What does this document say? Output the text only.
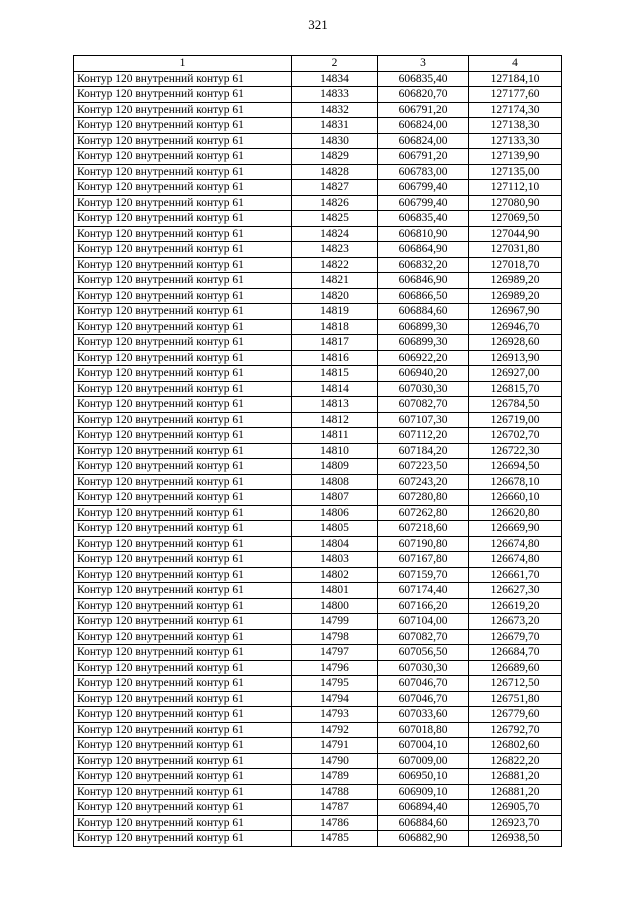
321
1	2	3	4
Контур 120 внутренний контур 61	14834	606835,40	127184,10
Контур 120 внутренний контур 61	14833	606820,70	127177,60
Контур 120 внутренний контур 61	14832	606791,20	127174,30
Контур 120 внутренний контур 61	14831	606824,00	127138,30
Контур 120 внутренний контур 61	14830	606824,00	127133,30
Контур 120 внутренний контур 61	14829	606791,20	127139,90
Контур 120 внутренний контур 61	14828	606783,00	127135,00
Контур 120 внутренний контур 61	14827	606799,40	127112,10
Контур 120 внутренний контур 61	14826	606799,40	127080,90
Контур 120 внутренний контур 61	14825	606835,40	127069,50
Контур 120 внутренний контур 61	14824	606810,90	127044,90
Контур 120 внутренний контур 61	14823	606864,90	127031,80
Контур 120 внутренний контур 61	14822	606832,20	127018,70
Контур 120 внутренний контур 61	14821	606846,90	126989,20
Контур 120 внутренний контур 61	14820	606866,50	126989,20
Контур 120 внутренний контур 61	14819	606884,60	126967,90
Контур 120 внутренний контур 61	14818	606899,30	126946,70
Контур 120 внутренний контур 61	14817	606899,30	126928,60
Контур 120 внутренний контур 61	14816	606922,20	126913,90
Контур 120 внутренний контур 61	14815	606940,20	126927,00
Контур 120 внутренний контур 61	14814	607030,30	126815,70
Контур 120 внутренний контур 61	14813	607082,70	126784,50
Контур 120 внутренний контур 61	14812	607107,30	126719,00
Контур 120 внутренний контур 61	14811	607112,20	126702,70
Контур 120 внутренний контур 61	14810	607184,20	126722,30
Контур 120 внутренний контур 61	14809	607223,50	126694,50
Контур 120 внутренний контур 61	14808	607243,20	126678,10
Контур 120 внутренний контур 61	14807	607280,80	126660,10
Контур 120 внутренний контур 61	14806	607262,80	126620,80
Контур 120 внутренний контур 61	14805	607218,60	126669,90
Контур 120 внутренний контур 61	14804	607190,80	126674,80
Контур 120 внутренний контур 61	14803	607167,80	126674,80
Контур 120 внутренний контур 61	14802	607159,70	126661,70
Контур 120 внутренний контур 61	14801	607174,40	126627,30
Контур 120 внутренний контур 61	14800	607166,20	126619,20
Контур 120 внутренний контур 61	14799	607104,00	126673,20
Контур 120 внутренний контур 61	14798	607082,70	126679,70
Контур 120 внутренний контур 61	14797	607056,50	126684,70
Контур 120 внутренний контур 61	14796	607030,30	126689,60
Контур 120 внутренний контур 61	14795	607046,70	126712,50
Контур 120 внутренний контур 61	14794	607046,70	126751,80
Контур 120 внутренний контур 61	14793	607033,60	126779,60
Контур 120 внутренний контур 61	14792	607018,80	126792,70
Контур 120 внутренний контур 61	14791	607004,10	126802,60
Контур 120 внутренний контур 61	14790	607009,00	126822,20
Контур 120 внутренний контур 61	14789	606950,10	126881,20
Контур 120 внутренний контур 61	14788	606909,10	126881,20
Контур 120 внутренний контур 61	14787	606894,40	126905,70
Контур 120 внутренний контур 61	14786	606884,60	126923,70
Контур 120 внутренний контур 61	14785	606882,90	126938,50
